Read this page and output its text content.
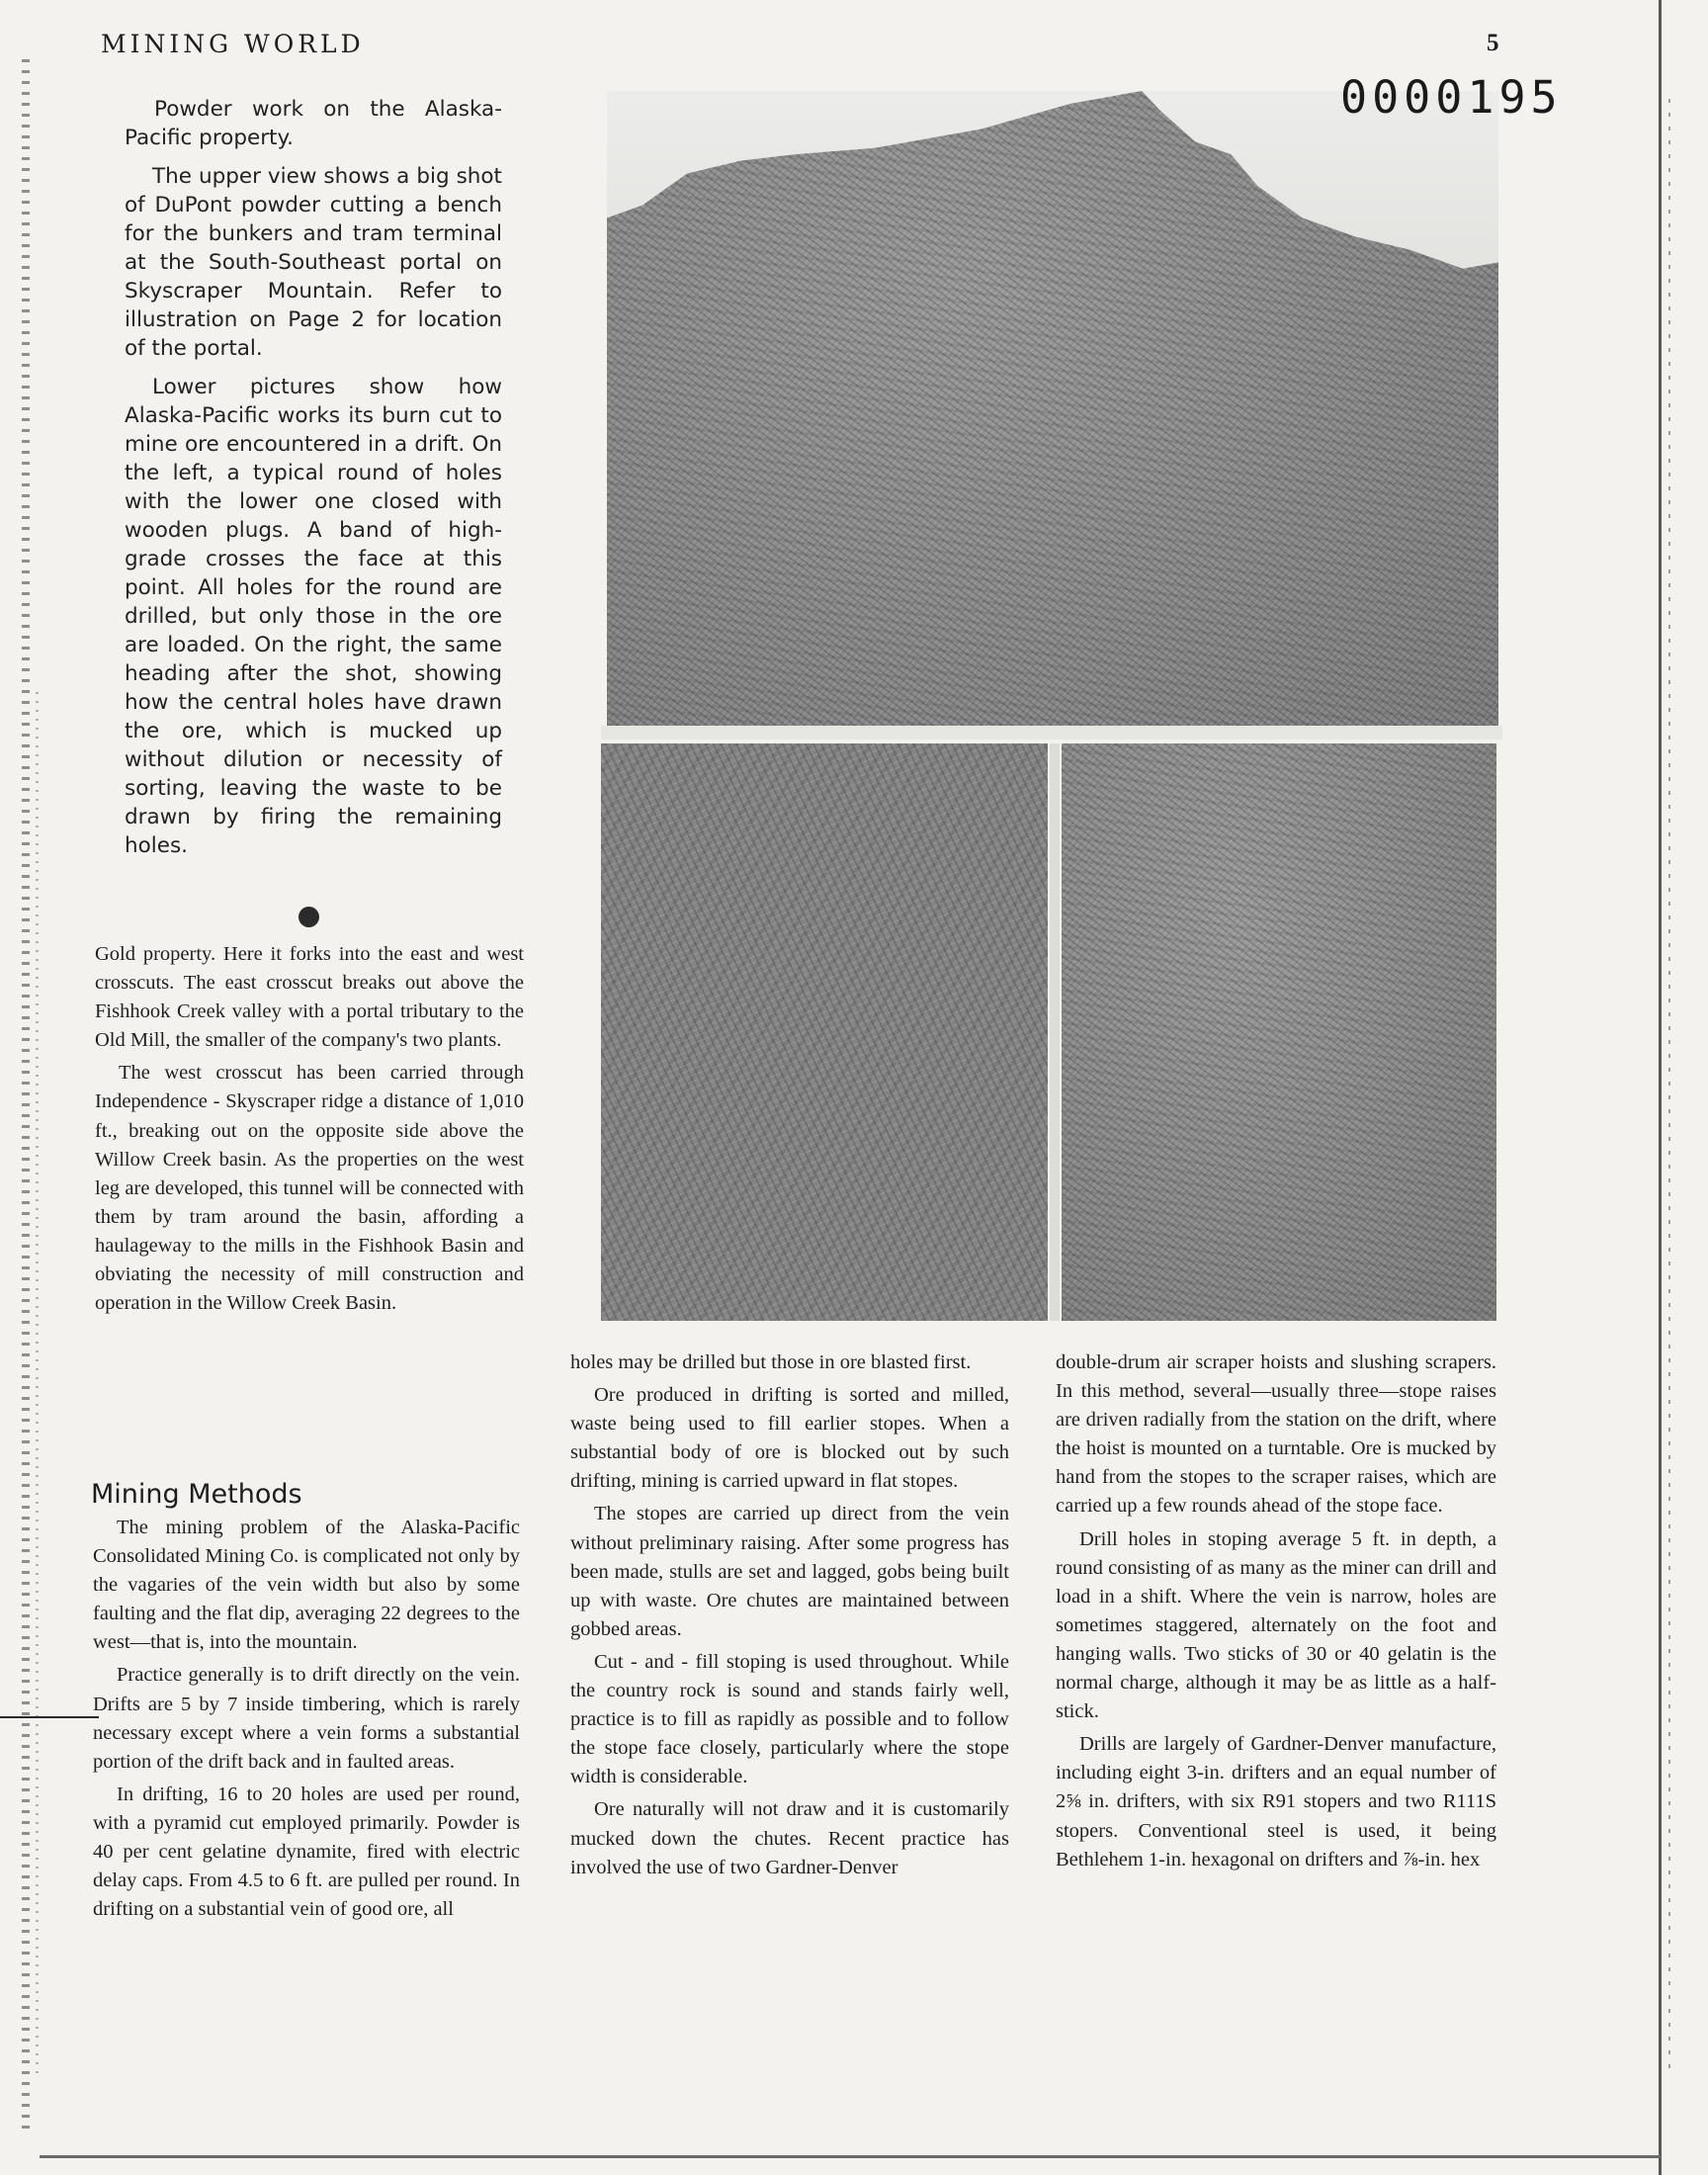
MINING WORLD	5
0000195

Powder work on the Alaska-Pacific property.

The upper view shows a big shot of DuPont powder cutting a bench for the bunkers and tram terminal at the South-Southeast portal on Skyscraper Mountain. Refer to illustration on Page 2 for location of the portal.

Lower pictures show how Alaska-Pacific works its burn cut to mine ore encountered in a drift. On the left, a typical round of holes with the lower one closed with wooden plugs. A band of high-grade crosses the face at this point. All holes for the round are drilled, but only those in the ore are loaded. On the right, the same heading after the shot, showing how the central holes have drawn the ore, which is mucked up without dilution or necessity of sorting, leaving the waste to be drawn by firing the remaining holes.

Gold property. Here it forks into the east and west crosscuts. The east crosscut breaks out above the Fishhook Creek valley with a portal tributary to the Old Mill, the smaller of the company's two plants.

The west crosscut has been carried through Independence - Skyscraper ridge a distance of 1,010 ft., breaking out on the opposite side above the Willow Creek basin. As the properties on the west leg are developed, this tunnel will be connected with them by tram around the basin, affording a haulageway to the mills in the Fishhook Basin and obviating the necessity of mill construction and operation in the Willow Creek Basin.

Mining Methods

The mining problem of the Alaska-Pacific Consolidated Mining Co. is complicated not only by the vagaries of the vein width but also by some faulting and the flat dip, averaging 22 degrees to the west—that is, into the mountain.

Practice generally is to drift directly on the vein. Drifts are 5 by 7 inside timbering, which is rarely necessary except where a vein forms a substantial portion of the drift back and in faulted areas.

In drifting, 16 to 20 holes are used per round, with a pyramid cut employed primarily. Powder is 40 per cent gelatine dynamite, fired with electric delay caps. From 4.5 to 6 ft. are pulled per round. In drifting on a substantial vein of good ore, all

holes may be drilled but those in ore blasted first.

Ore produced in drifting is sorted and milled, waste being used to fill earlier stopes. When a substantial body of ore is blocked out by such drifting, mining is carried upward in flat stopes.

The stopes are carried up direct from the vein without preliminary raising. After some progress has been made, stulls are set and lagged, gobs being built up with waste. Ore chutes are maintained between gobbed areas.

Cut - and - fill stoping is used throughout. While the country rock is sound and stands fairly well, practice is to fill as rapidly as possible and to follow the stope face closely, particularly where the stope width is considerable.

Ore naturally will not draw and it is customarily mucked down the chutes. Recent practice has involved the use of two Gardner-Denver

double-drum air scraper hoists and slushing scrapers. In this method, several—usually three—stope raises are driven radially from the station on the drift, where the hoist is mounted on a turntable. Ore is mucked by hand from the stopes to the scraper raises, which are carried up a few rounds ahead of the stope face.

Drill holes in stoping average 5 ft. in depth, a round consisting of as many as the miner can drill and load in a shift. Where the vein is narrow, holes are sometimes staggered, alternately on the foot and hanging walls. Two sticks of 30 or 40 gelatin is the normal charge, although it may be as little as a half-stick.

Drills are largely of Gardner-Denver manufacture, including eight 3-in. drifters and an equal number of 2⅝ in. drifters, with six R91 stopers and two R111S stopers. Conventional steel is used, it being Bethlehem 1-in. hexagonal on drifters and ⅞-in. hex
